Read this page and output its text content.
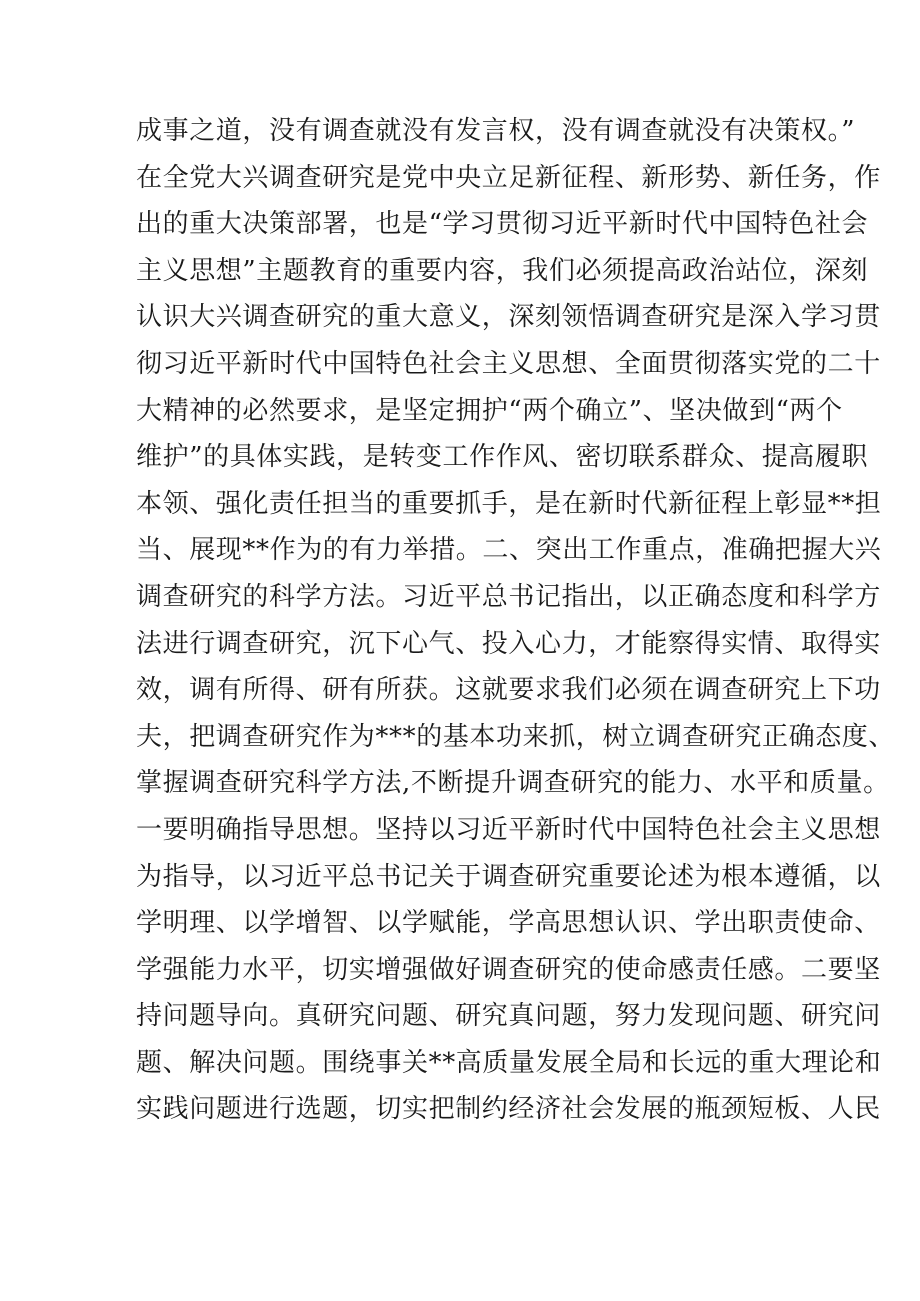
成事之道，没有调查就没有发言权，没有调查就没有决策权。”
在全党大兴调查研究是党中央立足新征程、新形势、新任务，作
出的重大决策部署，也是“学习贯彻习近平新时代中国特色社会
主义思想”主题教育的重要内容，我们必须提高政治站位，深刻
认识大兴调查研究的重大意义，深刻领悟调查研究是深入学习贯
彻习近平新时代中国特色社会主义思想、全面贯彻落实党的二十
大精神的必然要求，是坚定拥护“两个确立”、坚决做到“两个
维护”的具体实践，是转变工作作风、密切联系群众、提高履职
本领、强化责任担当的重要抓手，是在新时代新征程上彰显**担
当、展现**作为的有力举措。二、突出工作重点，准确把握大兴
调查研究的科学方法。习近平总书记指出，以正确态度和科学方
法进行调查研究，沉下心气、投入心力，才能察得实情、取得实
效，调有所得、研有所获。这就要求我们必须在调查研究上下功
夫，把调查研究作为***的基本功来抓，树立调查研究正确态度、
掌握调查研究科学方法,不断提升调查研究的能力、水平和质量。
一要明确指导思想。坚持以习近平新时代中国特色社会主义思想
为指导，以习近平总书记关于调查研究重要论述为根本遵循，以
学明理、以学增智、以学赋能，学高思想认识、学出职责使命、
学强能力水平，切实增强做好调查研究的使命感责任感。二要坚
持问题导向。真研究问题、研究真问题，努力发现问题、研究问
题、解决问题。围绕事关**高质量发展全局和长远的重大理论和
实践问题进行选题，切实把制约经济社会发展的瓶颈短板、人民
